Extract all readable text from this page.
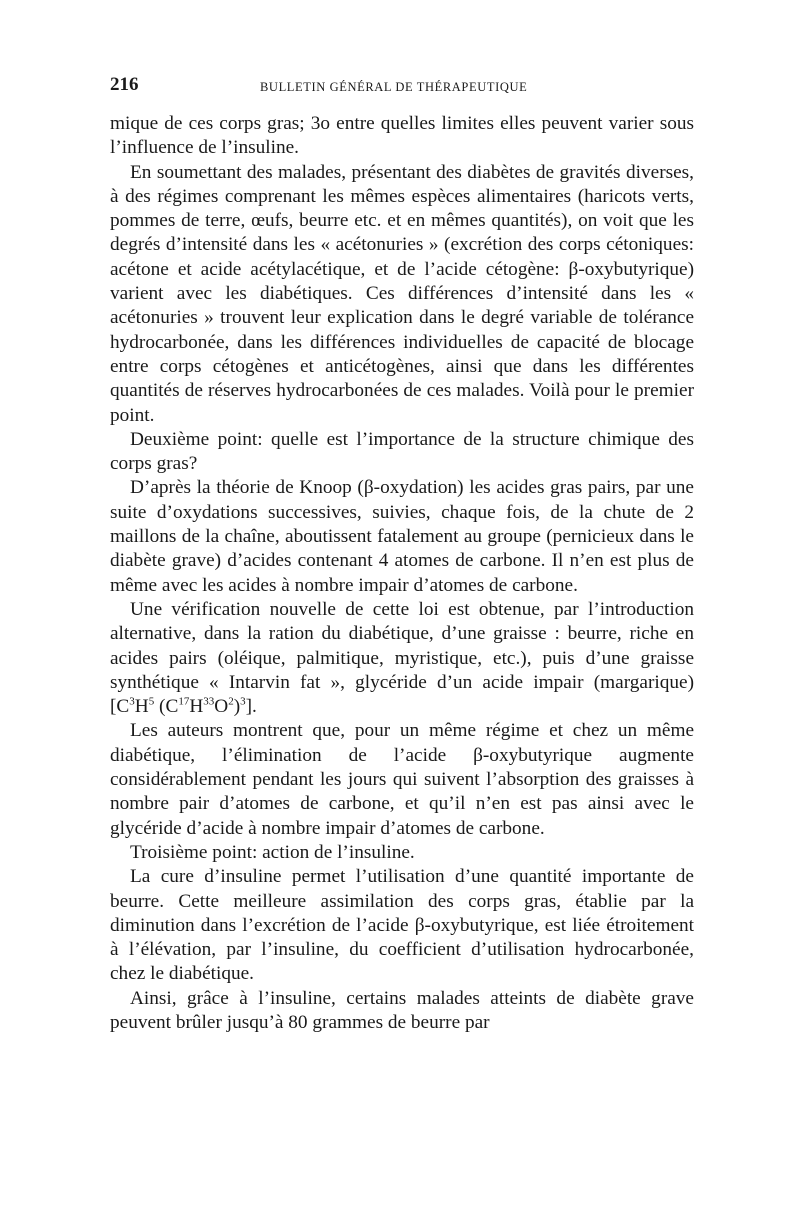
216	BULLETIN GÉNÉRAL DE THÉRAPEUTIQUE

mique de ces corps gras; 3o entre quelles limites elles peuvent varier sous l’influence de l’insuline.

En soumettant des malades, présentant des diabètes de gravités diverses, à des régimes comprenant les mêmes espèces alimentaires (haricots verts, pommes de terre, œufs, beurre etc. et en mêmes quantités), on voit que les degrés d’intensité dans les « acétonuries » (excrétion des corps cétoniques: acétone et acide acétylacétique, et de l’acide cétogène: β-oxybutyrique) varient avec les diabétiques. Ces différences d’intensité dans les « acétonuries » trouvent leur explication dans le degré variable de tolérance hydrocarbonée, dans les différences individuelles de capacité de blocage entre corps cétogènes et anticétogènes, ainsi que dans les différentes quantités de réserves hydrocarbonées de ces malades. Voilà pour le premier point.

Deuxième point: quelle est l’importance de la structure chimique des corps gras?

D’après la théorie de Knoop (β-oxydation) les acides gras pairs, par une suite d’oxydations successives, suivies, chaque fois, de la chute de 2 maillons de la chaîne, aboutissent fatalement au groupe (pernicieux dans le diabète grave) d’acides contenant 4 atomes de carbone. Il n’en est plus de même avec les acides à nombre impair d’atomes de carbone.

Une vérification nouvelle de cette loi est obtenue, par l’introduction alternative, dans la ration du diabétique, d’une graisse : beurre, riche en acides pairs (oléique, palmitique, myristique, etc.), puis d’une graisse synthétique « Intarvin fat », glycéride d’un acide impair (margarique) [$C^3H^5$ $(C^{17}H^{33}O^2)^3$].

Les auteurs montrent que, pour un même régime et chez un même diabétique, l’élimination de l’acide β-oxybutyrique augmente considérablement pendant les jours qui suivent l’absorption des graisses à nombre pair d’atomes de carbone, et qu’il n’en est pas ainsi avec le glycéride d’acide à nombre impair d’atomes de carbone.

Troisième point: action de l’insuline.

La cure d’insuline permet l’utilisation d’une quantité importante de beurre. Cette meilleure assimilation des corps gras, établie par la diminution dans l’excrétion de l’acide β-oxybutyrique, est liée étroitement à l’élévation, par l’insuline, du coefficient d’utilisation hydrocarbonée, chez le diabétique.

Ainsi, grâce à l’insuline, certains malades atteints de diabète grave peuvent brûler jusqu’à 80 grammes de beurre par
